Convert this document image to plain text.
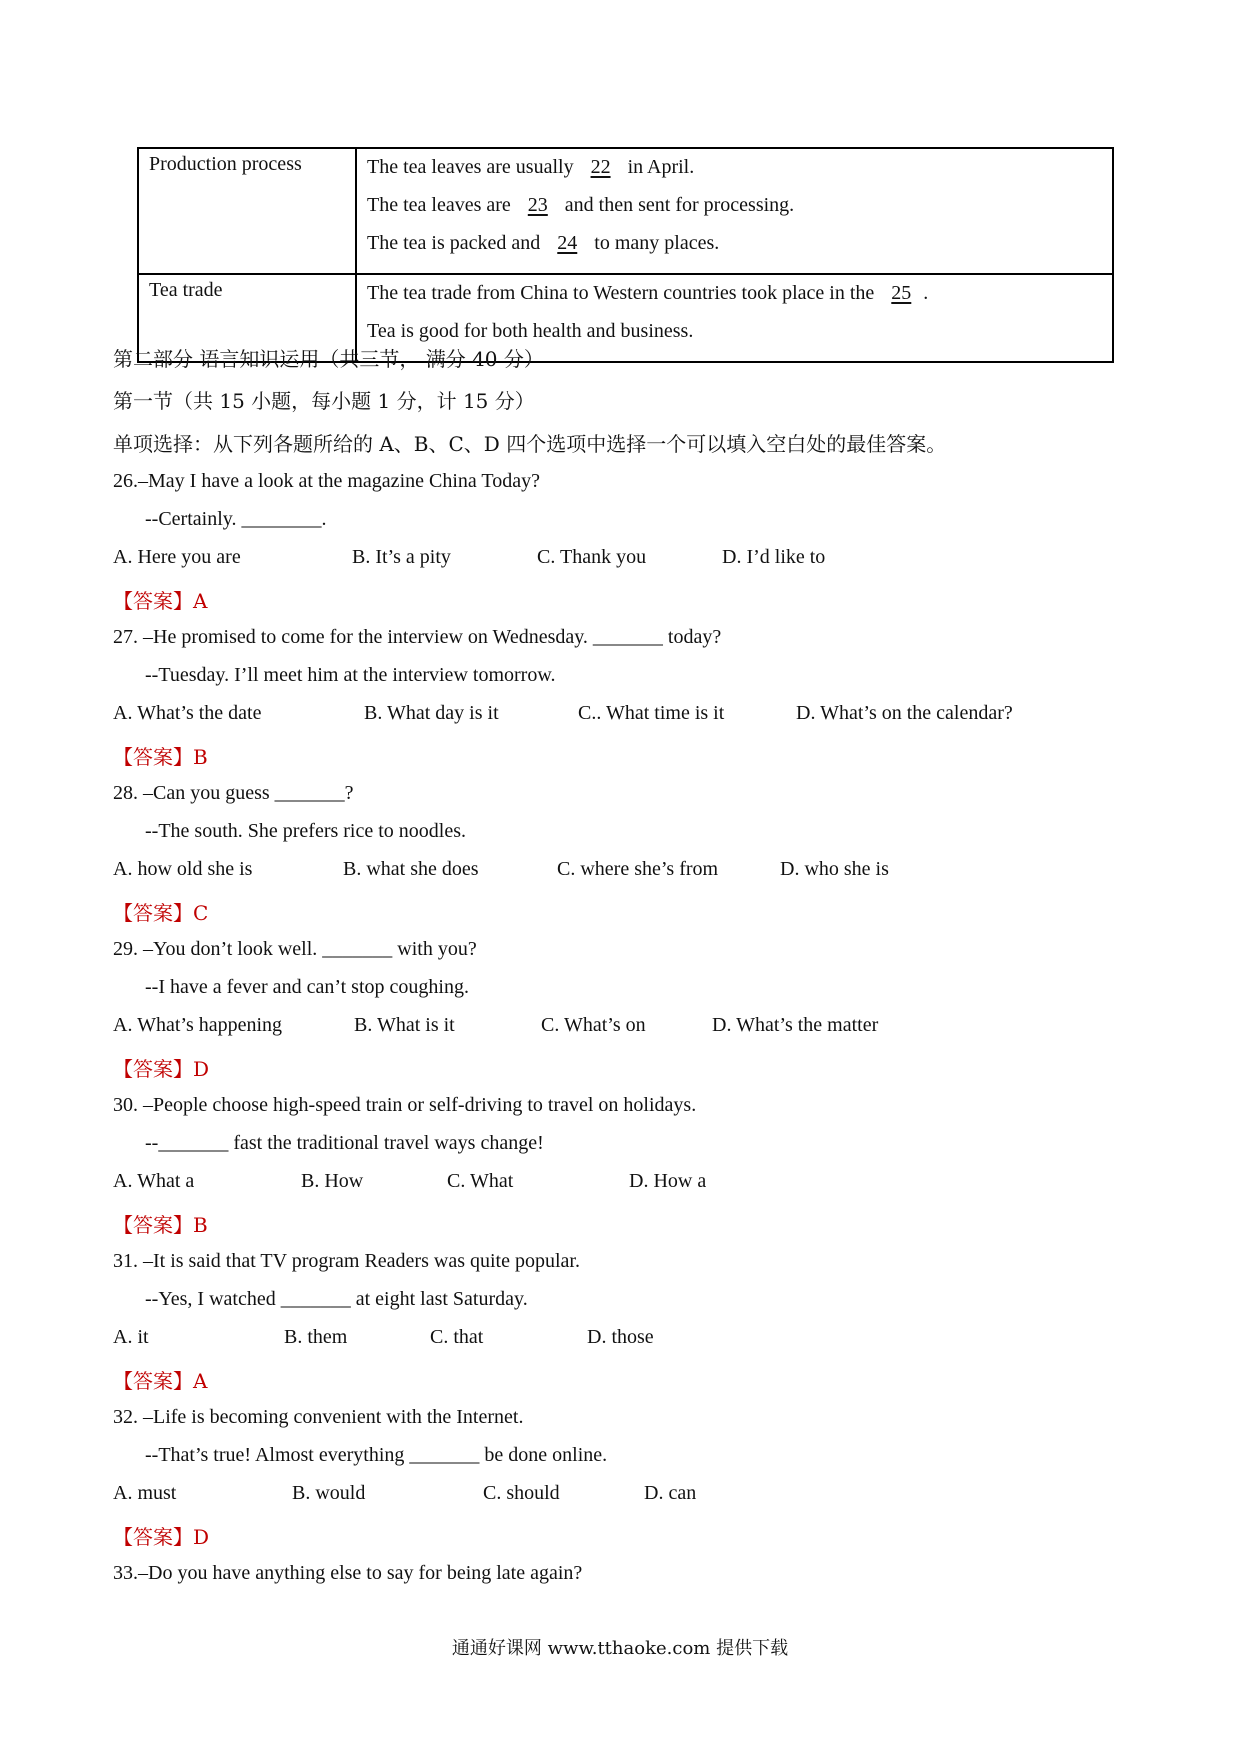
Production process	The tea leaves are usually 22 in April.
The tea leaves are 23 and then sent for processing.
The tea is packed and 24 to many places.

Tea trade	The tea trade from China to Western countries took place in the 25 .
Tea is good for both health and business.
第二部分 语言知识运用（共三节， 满分 40 分）
第一节（共 15 小题，每小题 1 分，计 15 分）
单项选择：从下列各题所给的 A、B、C、D 四个选项中选择一个可以填入空白处的最佳答案。
26.–May I have a look at the magazine China Today?
--Certainly. ________.
A. Here you are	B. It’s a pity	C. Thank you	D. I’d like to
【答案】A
27. –He promised to come for the interview on Wednesday. _______ today?
--Tuesday. I’ll meet him at the interview tomorrow.
A. What’s the date	B. What day is it	C.. What time is it	D. What’s on the calendar?
【答案】B
28. –Can you guess _______?
--The south. She prefers rice to noodles.
A. how old she is	B. what she does	C. where she’s from	D. who she is
【答案】C
29. –You don’t look well. _______ with you?
--I have a fever and can’t stop coughing.
A. What’s happening	B. What is it	C. What’s on	D. What’s the matter
【答案】D
30. –People choose high-speed train or self-driving to travel on holidays.
--_______ fast the traditional travel ways change!
A. What a	B. How	C. What	D. How a
【答案】B
31. –It is said that TV program Readers was quite popular.
--Yes, I watched _______ at eight last Saturday.
A. it	B. them	C. that	D. those
【答案】A
32. –Life is becoming convenient with the Internet.
--That’s true! Almost everything _______ be done online.
A. must	B. would	C. should	D. can
【答案】D
33.–Do you have anything else to say for being late again?
通通好课网 www.tthaoke.com 提供下载
